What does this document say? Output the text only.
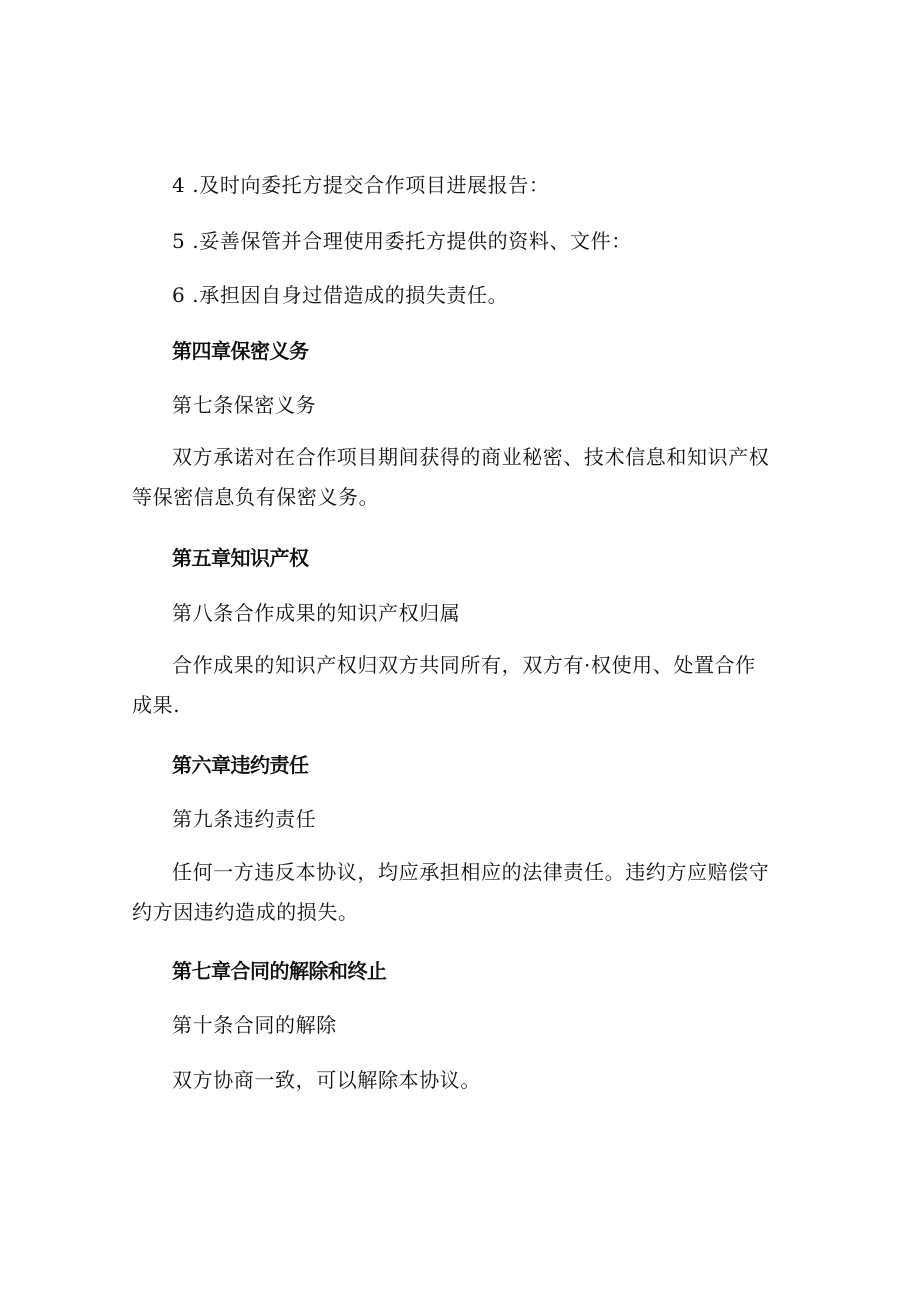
4 .及时向委托方提交合作项目进展报告：

5 .妥善保管并合理使用委托方提供的资料、文件：

6 .承担因自身过借造成的损失责任。

第四章保密义务

第七条保密义务

双方承诺对在合作项目期间获得的商业秘密、技术信息和知识产权等保密信息负有保密义务。

第五章知识产权

第八条合作成果的知识产权归属

合作成果的知识产权归双方共同所有，双方有·权使用、处置合作成果.

第六章违约责任

第九条违约责任

任何一方违反本协议，均应承担相应的法律责任。违约方应赔偿守约方因违约造成的损失。

第七章合同的解除和终止

第十条合同的解除

双方协商一致，可以解除本协议。
